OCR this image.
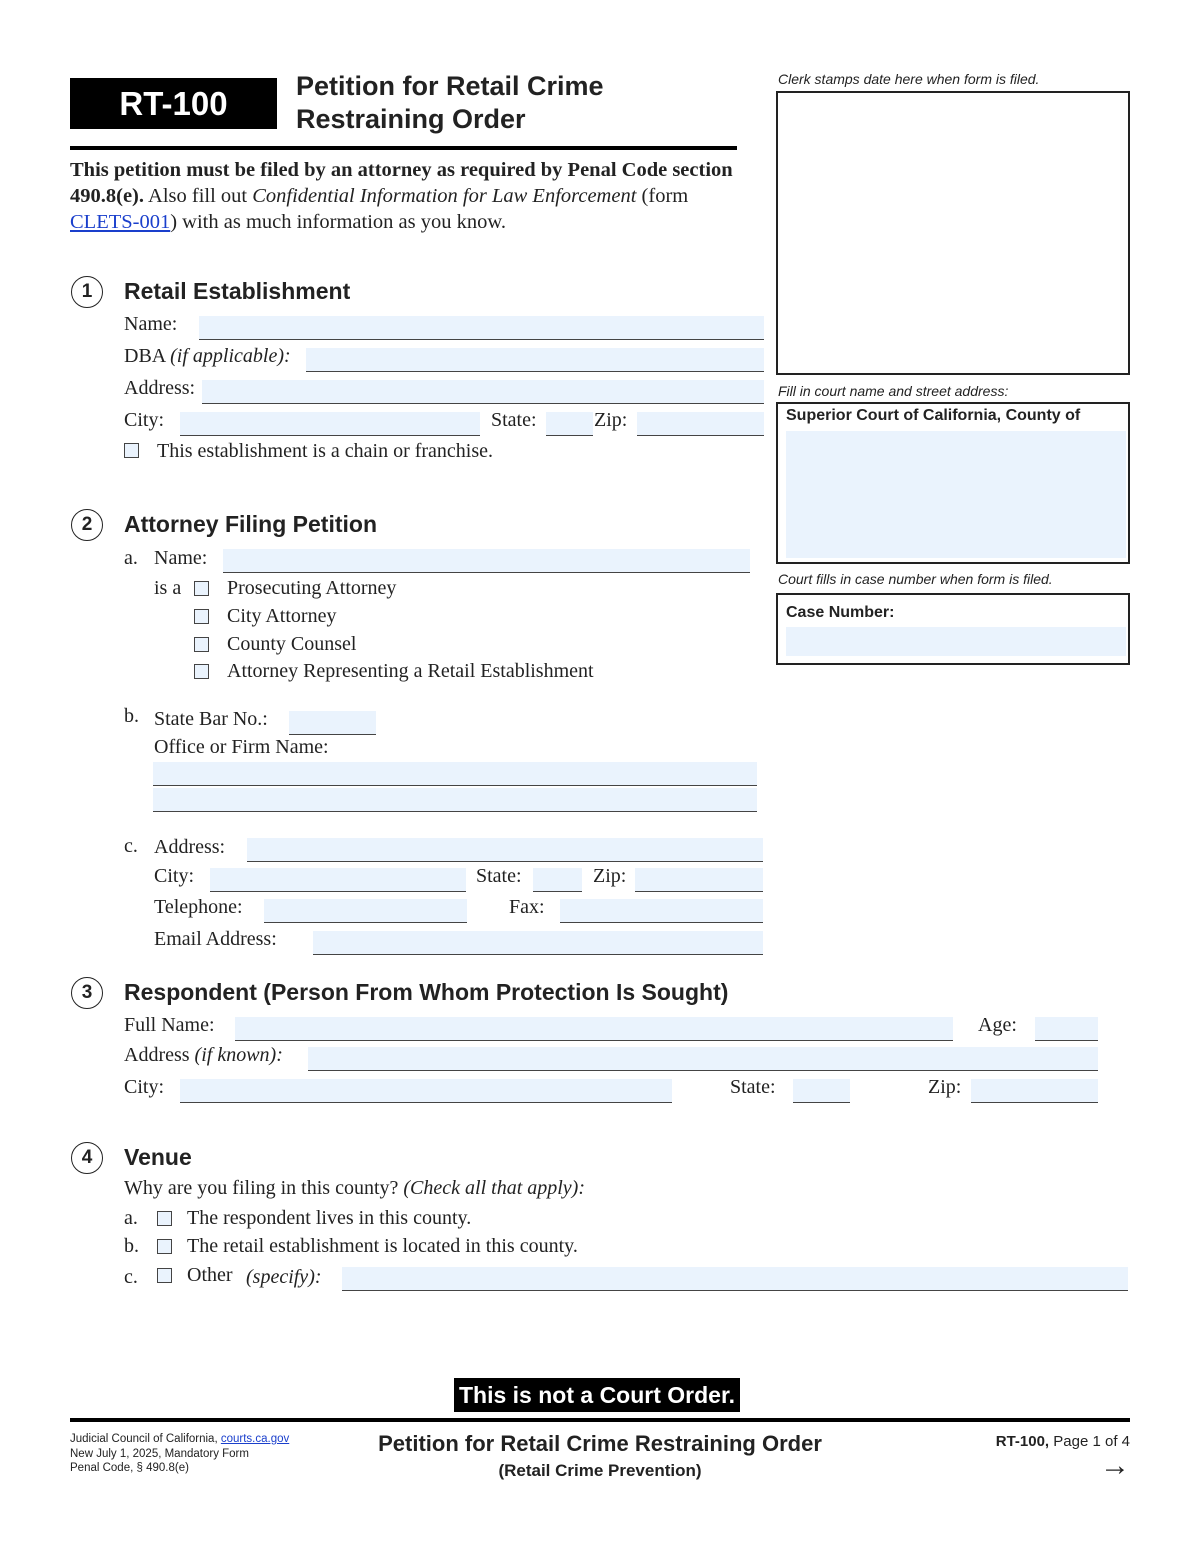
RT-100	Petition for Retail Crime
Restraining Order
This petition must be filed by an attorney as required by Penal Code section 490.8(e). Also fill out Confidential Information for Law Enforcement (form CLETS-001) with as much information as you know.
Clerk stamps date here when form is filed.
Fill in court name and street address:
Superior Court of California, County of
Court fills in case number when form is filed.
Case Number:
1	Retail Establishment
Name:
DBA (if applicable):
Address:
City:	State:	Zip:
This establishment is a chain or franchise.
2	Attorney Filing Petition
a. Name:
is a Prosecuting Attorney
City Attorney
County Counsel
Attorney Representing a Retail Establishment
b. State Bar No.:
Office or Firm Name:
c. Address:
City:	State:	Zip:
Telephone:	Fax:
Email Address:
3	Respondent (Person From Whom Protection Is Sought)
Full Name:	Age:
Address (if known):
City:	State:	Zip:
4	Venue
Why are you filing in this county? (Check all that apply):
a. The respondent lives in this county.
b. The retail establishment is located in this county.
c. Other (specify):
This is not a Court Order.
Judicial Council of California, courts.ca.gov
New July 1, 2025, Mandatory Form
Penal Code, § 490.8(e)
Petition for Retail Crime Restraining Order
(Retail Crime Prevention)
RT-100, Page 1 of 4
→
